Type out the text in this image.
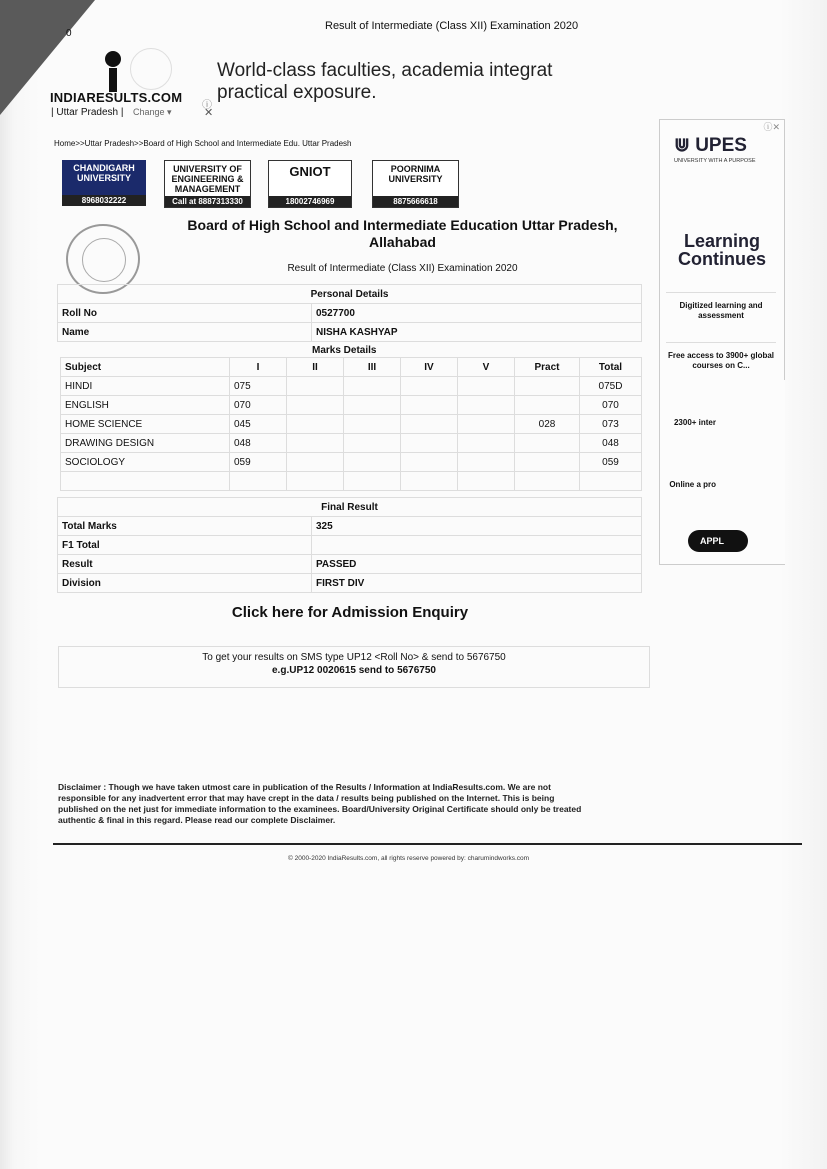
0
Result of Intermediate (Class XII) Examination 2020
INDIARESULTS.COM
| Uttar Pradesh | Change ▾
World-class faculties, academia integrat
practical exposure.
ⓘ
✕
Home>>Uttar Pradesh>>Board of High School and Intermediate Edu. Uttar Pradesh
CHANDIGARH UNIVERSITY
8968032222
UNIVERSITY OF ENGINEERING & MANAGEMENT
Call at 8887313330
GNIOT
18002746969
POORNIMA UNIVERSITY
8875666618
Board of High School and Intermediate Education Uttar Pradesh, Allahabad
Result of Intermediate (Class XII) Examination 2020
Personal Details	
Roll No	0527700
Name	NISHA KASHYAP
Marks Details
Subject	I	II	III	IV	V	Pract	Total
HINDI	075						075D
ENGLISH	070						070
HOME SCIENCE	045					028	073
DRAWING DESIGN	048						048
SOCIOLOGY	059						059

Final Result	
Total Marks	325
F1 Total	
Result	PASSED
Division	FIRST DIV
Click here for Admission Enquiry
To get your results on SMS type UP12 <Roll No> & send to 5676750
e.g.UP12 0020615 send to 5676750
Disclaimer : Though we have taken utmost care in publication of the Results / Information at IndiaResults.com. We are not responsible for any inadvertent error that may have crept in the data / results being published on the Internet. This is being published on the net just for immediate information to the examinees. Board/University Original Certificate should only be treated authentic & final in this regard. Please read our complete Disclaimer.
© 2000-2020 IndiaResults.com, all rights reserve powered by: charumindworks.com
ⓘ✕
⋓ UPES
UNIVERSITY WITH A PURPOSE
Learning Continues
Digitized learning and assessment
Free access to 3900+ global courses on C...
2300+ inter
Online a pro
APPL
